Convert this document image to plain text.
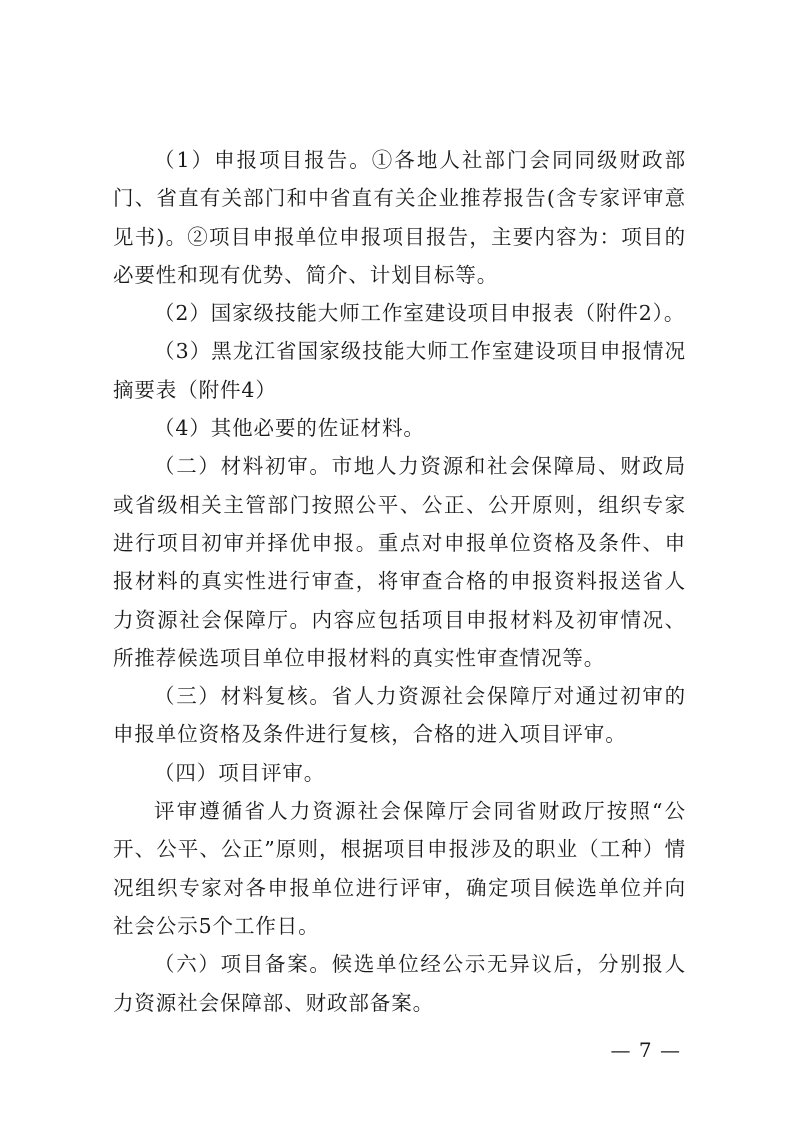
（1）申报项目报告。①各地人社部门会同同级财政部门、省直有关部门和中省直有关企业推荐报告(含专家评审意见书)。②项目申报单位申报项目报告，主要内容为：项目的必要性和现有优势、简介、计划目标等。

（2）国家级技能大师工作室建设项目申报表（附件2）。

（3）黑龙江省国家级技能大师工作室建设项目申报情况摘要表（附件4）

（4）其他必要的佐证材料。

（二）材料初审。市地人力资源和社会保障局、财政局或省级相关主管部门按照公平、公正、公开原则，组织专家进行项目初审并择优申报。重点对申报单位资格及条件、申报材料的真实性进行审查，将审查合格的申报资料报送省人力资源社会保障厅。内容应包括项目申报材料及初审情况、所推荐候选项目单位申报材料的真实性审查情况等。

（三）材料复核。省人力资源社会保障厅对通过初审的申报单位资格及条件进行复核，合格的进入项目评审。

（四）项目评审。

评审遵循省人力资源社会保障厅会同省财政厅按照“公开、公平、公正”原则，根据项目申报涉及的职业（工种）情况组织专家对各申报单位进行评审，确定项目候选单位并向社会公示5个工作日。

（六）项目备案。候选单位经公示无异议后，分别报人力资源社会保障部、财政部备案。

— 7 —
